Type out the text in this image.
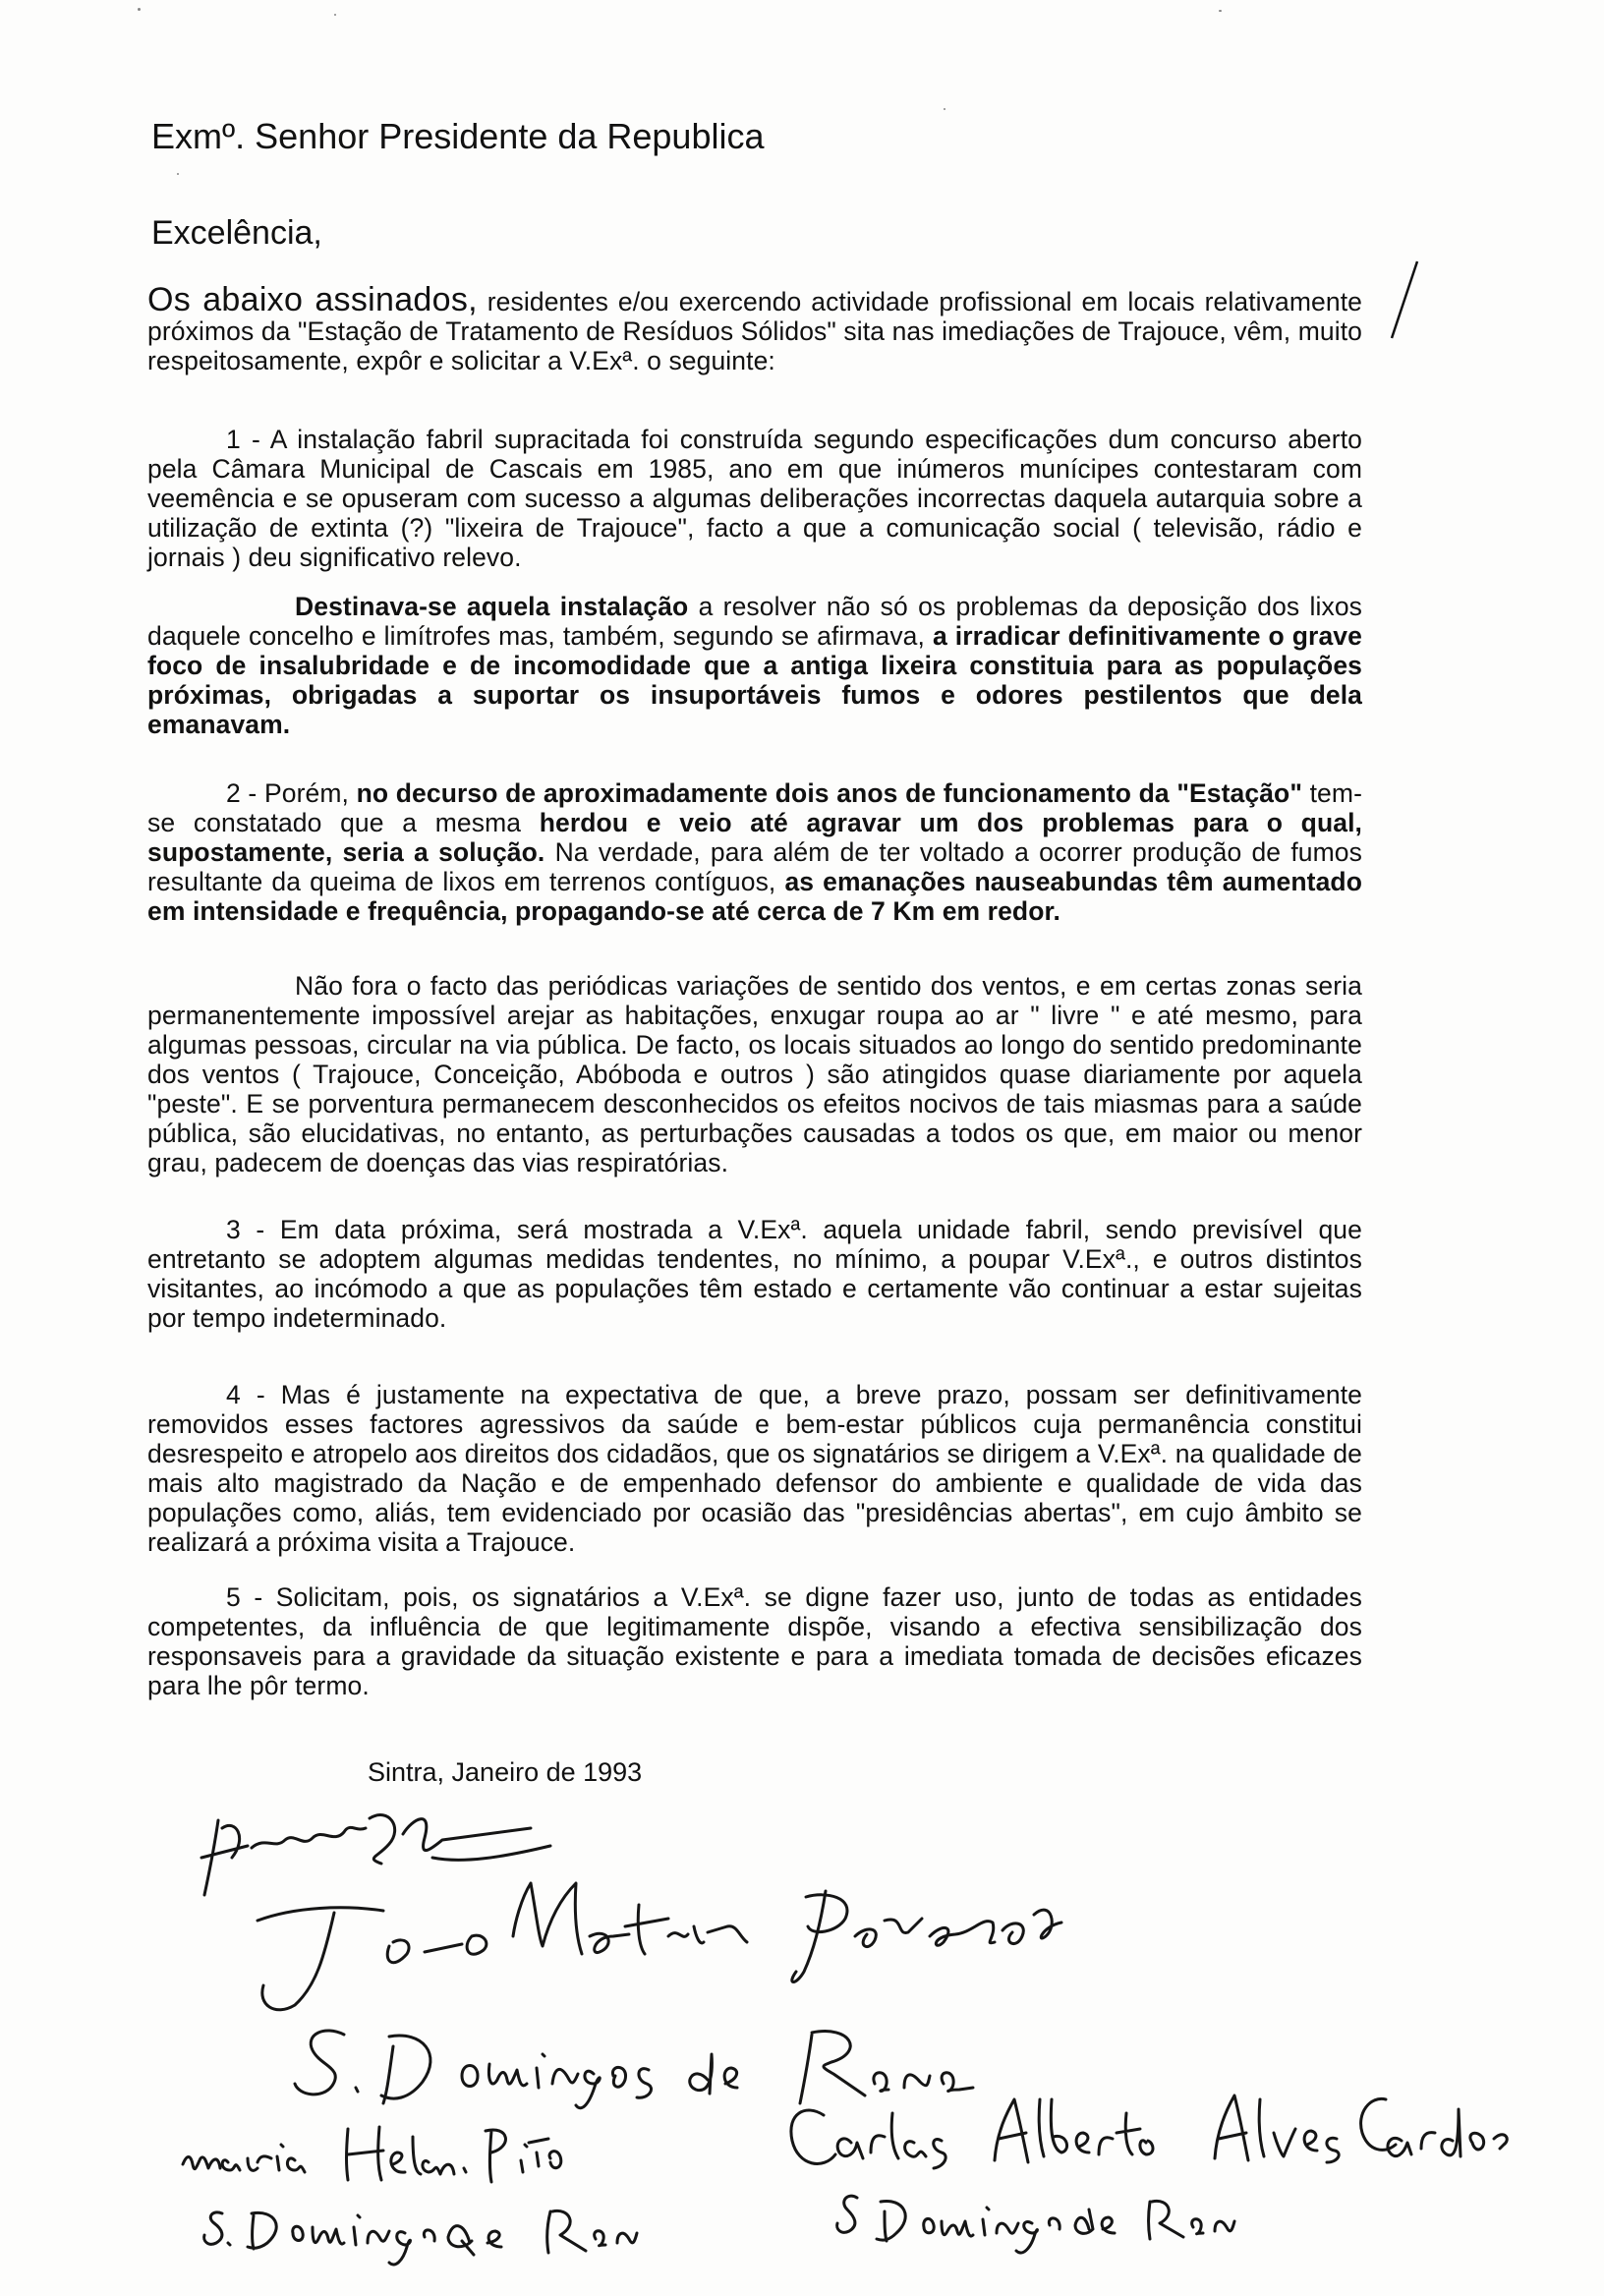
Exmº. Senhor Presidente da Republica
Excelência,
Os abaixo assinados, residentes e/ou exercendo actividade profissional em locais relativamente próximos da "Estação de Tratamento de Resíduos Sólidos" sita nas imediações de Trajouce, vêm, muito respeitosamente, expôr e solicitar a V.Exª. o seguinte:
1 - A instalação fabril supracitada foi construída segundo especificações dum concurso aberto pela Câmara Municipal de Cascais em 1985, ano em que inúmeros munícipes contestaram com veemência e se opuseram com sucesso a algumas deliberações incorrectas daquela autarquia sobre a utilização de extinta (?) "lixeira de Trajouce", facto a que a comunicação social ( televisão, rádio e jornais ) deu significativo relevo.
Destinava-se aquela instalação a resolver não só os problemas da deposição dos lixos daquele concelho e limítrofes mas, também, segundo se afirmava, a irradicar definitivamente o grave foco de insalubridade e de incomodidade que a antiga lixeira constituia para as populações próximas, obrigadas a suportar os insuportáveis fumos e odores pestilentos que dela emanavam.
2 - Porém, no decurso de aproximadamente dois anos de funcionamento da "Estação" tem-se constatado que a mesma herdou e veio até agravar um dos problemas para o qual, supostamente, seria a solução. Na verdade, para além de ter voltado a ocorrer produção de fumos resultante da queima de lixos em terrenos contíguos, as emanações nauseabundas têm aumentado em intensidade e frequência, propagando-se até cerca de 7 Km em redor.
Não fora o facto das periódicas variações de sentido dos ventos, e em certas zonas seria permanentemente impossível arejar as habitações, enxugar roupa ao ar " livre " e até mesmo, para algumas pessoas, circular na via pública. De facto, os locais situados ao longo do sentido predominante dos ventos ( Trajouce, Conceição, Abóboda e outros ) são atingidos quase diariamente por aquela "peste". E se porventura permanecem desconhecidos os efeitos nocivos de tais miasmas para a saúde pública, são elucidativas, no entanto, as perturbações causadas a todos os que, em maior ou menor grau, padecem de doenças das vias respiratórias.
3 - Em data próxima, será mostrada a V.Exª. aquela unidade fabril, sendo previsível que entretanto se adoptem algumas medidas tendentes, no mínimo, a poupar V.Exª., e outros distintos visitantes, ao incómodo a que as populações têm estado e certamente vão continuar a estar sujeitas por tempo indeterminado.
4 - Mas é justamente na expectativa de que, a breve prazo, possam ser definitivamente removidos esses factores agressivos da saúde e bem-estar públicos cuja permanência constitui desrespeito e atropelo aos direitos dos cidadãos, que os signatários se dirigem a V.Exª. na qualidade de mais alto magistrado da Nação e de empenhado defensor do ambiente e qualidade de vida das populações como, aliás, tem evidenciado por ocasião das "presidências abertas", em cujo âmbito se realizará a próxima visita a Trajouce.
5 - Solicitam, pois, os signatários a V.Exª. se digne fazer uso, junto de todas as entidades competentes, da influência de que legitimamente dispõe, visando a efectiva sensibilização dos responsaveis para a gravidade da situação existente e para a imediata tomada de decisões eficazes para lhe pôr termo.
Sintra, Janeiro de 1993
